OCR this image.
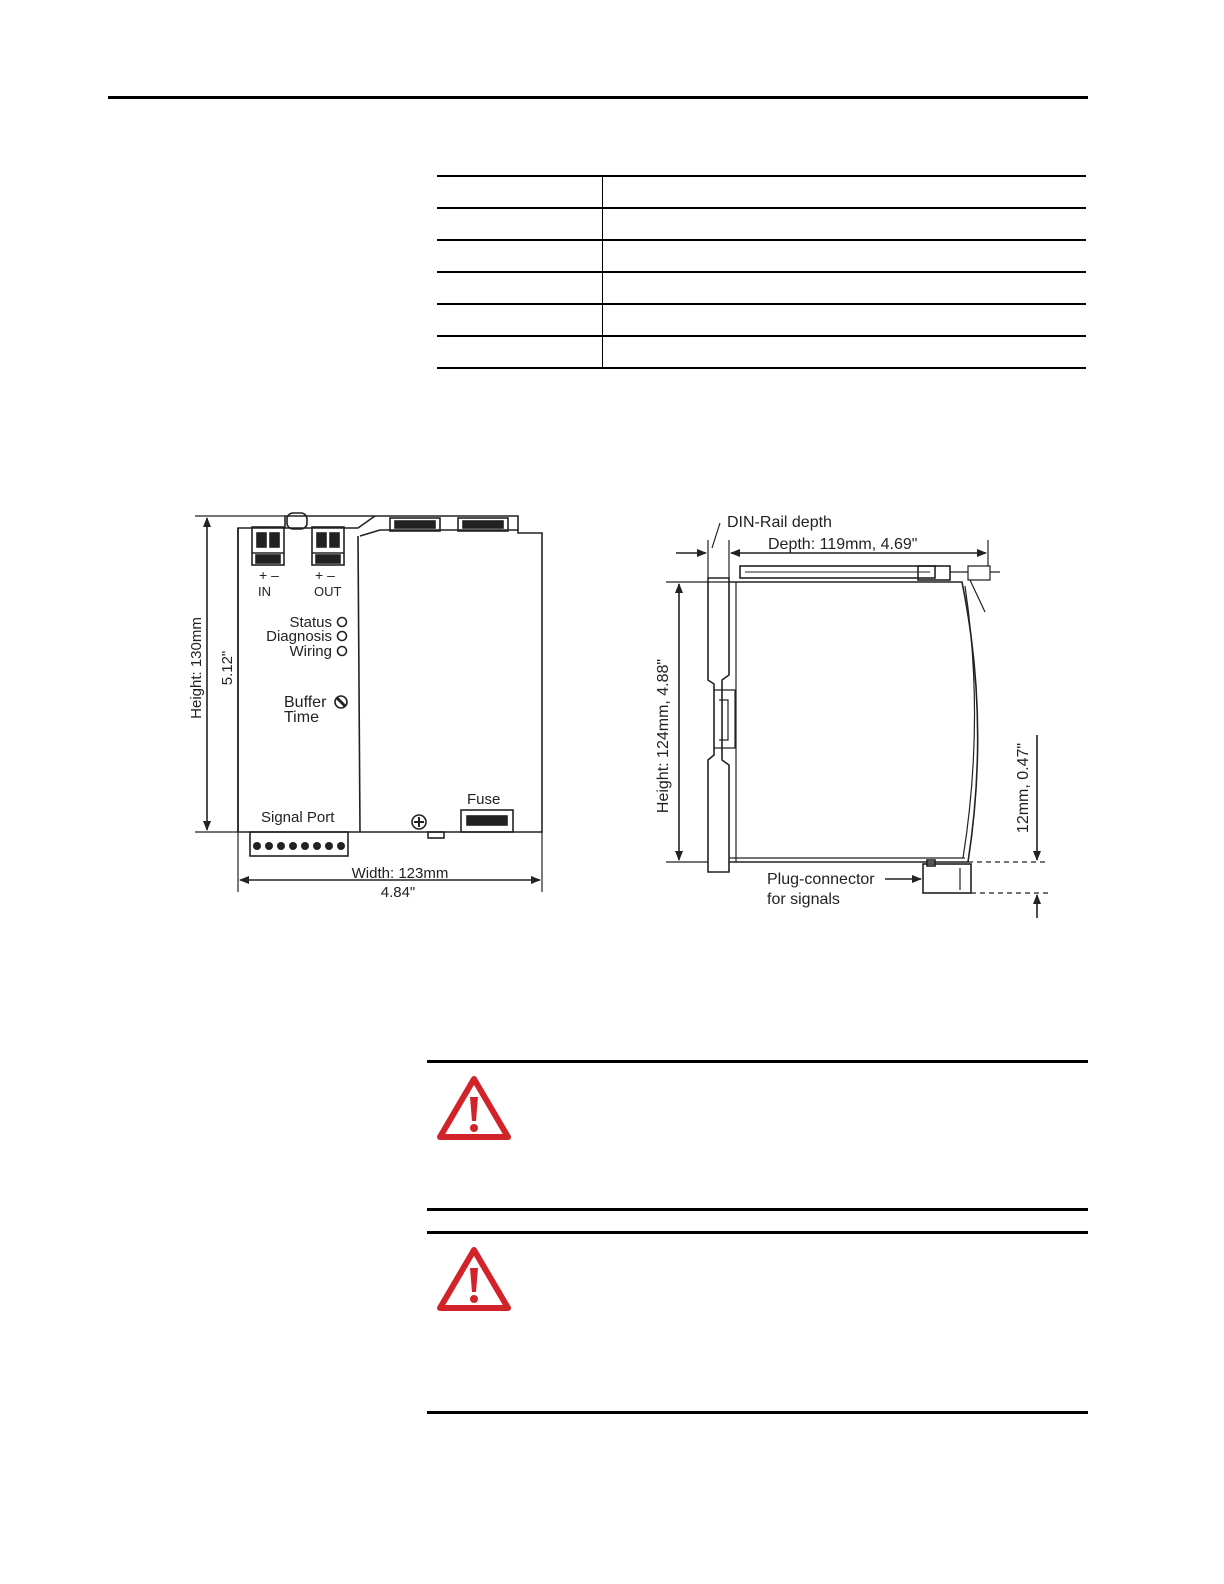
+ –
IN
+ –
OUT
Status
Diagnosis
Wiring
Buffer
Time
Signal Port
Fuse
Height: 130mm 5.12"
Width: 123mm
4.84"
DIN-Rail depth
Depth: 119mm, 4.69"
Height: 124mm, 4.88"	12mm, 0.47"
Plug-connector
for signals
